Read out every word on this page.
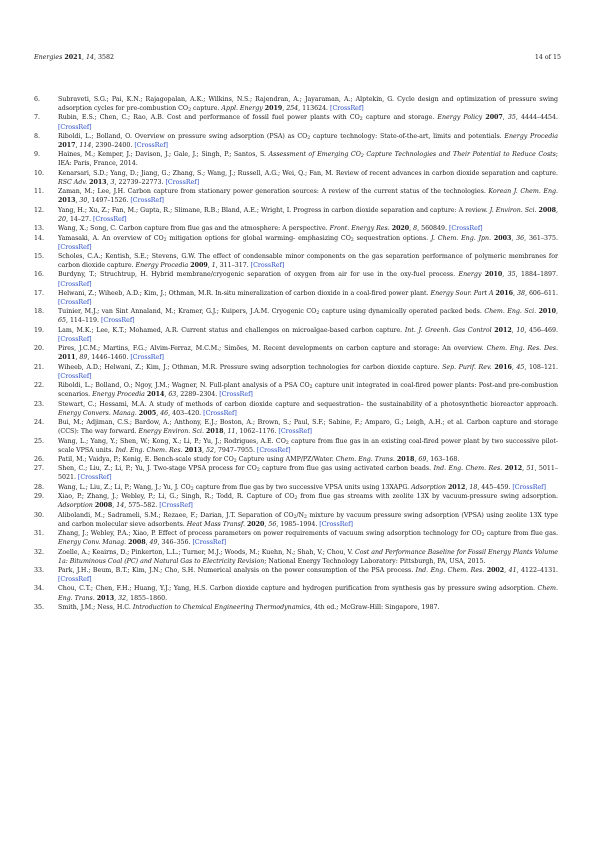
Energies 2021, 14, 3582	14 of 15
6.	Subraveti, S.G.; Pai, K.N.; Rajagopalan, A.K.; Wilkins, N.S.; Rajendran, A.; Jayaraman, A.; Alptekin, G. Cycle design and optimization of pressure swing adsorption cycles for pre-combustion $CO_2$ capture. Appl. Energy 2019, 254, 113624. [CrossRef]
7.	Rubin, E.S.; Chen, C.; Rao, A.B. Cost and performance of fossil fuel power plants with $CO_2$ capture and storage. Energy Policy 2007, 35, 4444–4454. [CrossRef]
8.	Riboldi, L.; Bolland, O. Overview on pressure swing adsorption (PSA) as $CO_2$ capture technology: State-of-the-art, limits and potentials. Energy Procedia 2017, 114, 2390–2400. [CrossRef]
9.	Haines, M.; Kemper, J.; Davison, J.; Gale, J.; Singh, P.; Santos, S. Assessment of Emerging $CO_2$ Capture Technologies and Their Potential to Reduce Costs; IEA: Paris, France, 2014.
10. Kenarsari, S.D.; Yang, D.; Jiang, G.; Zhang, S.; Wang, J.; Russell, A.G.; Wei, Q.; Fan, M. Review of recent advances in carbon dioxide separation and capture. RSC Adv. 2013, 3, 22739–22773. [CrossRef]
11. Zaman, M.; Lee, J.H. Carbon capture from stationary power generation sources: A review of the current status of the technologies. Korean J. Chem. Eng. 2013, 30, 1497–1526. [CrossRef]
12. Yang, H.; Xu, Z.; Fan, M.; Gupta, R.; Slimane, R.B.; Bland, A.E.; Wright, I. Progress in carbon dioxide separation and capture: A review. J. Environ. Sci. 2008, 20, 14–27. [CrossRef]
13. Wang, X.; Song, C. Carbon capture from flue gas and the atmosphere: A perspective. Front. Energy Res. 2020, 8, 560849. [CrossRef]
14. Yamasaki, A. An overview of $CO_2$ mitigation options for global warming- emphasizing $CO_2$ sequestration options. J. Chem. Eng. Jpn. 2003, 36, 361–375. [CrossRef]
15. Scholes, C.A.; Kentish, S.E.; Stevens, G.W. The effect of condensable minor components on the gas separation performance of polymeric membranes for carbon dioxide capture. Energy Procedia 2009, 1, 311–317. [CrossRef]
16. Burdyny, T.; Struchtrup, H. Hybrid membrane/cryogenic separation of oxygen from air for use in the oxy-fuel process. Energy 2010, 35, 1884–1897. [CrossRef]
17. Helwani, Z.; Wiheeb, A.D.; Kim, J.; Othman, M.R. In-situ mineralization of carbon dioxide in a coal-fired power plant. Energy Sour. Part A 2016, 38, 606–611. [CrossRef]
18. Tuinier, M.J.; van Sint Annaland, M.; Kramer, G.J.; Kuipers, J.A.M. Cryogenic $CO_2$ capture using dynamically operated packed beds. Chem. Eng. Sci. 2010, 65, 114–119. [CrossRef]
19. Lam, M.K.; Lee, K.T.; Mohamed, A.R. Current status and challenges on microalgae-based carbon capture. Int. J. Greenh. Gas Control 2012, 10, 456–469. [CrossRef]
20. Pires, J.C.M.; Martins, F.G.; Alvim-Ferraz, M.C.M.; Simões, M. Recent developments on carbon capture and storage: An overview. Chem. Eng. Res. Des. 2011, 89, 1446–1460. [CrossRef]
21. Wiheeb, A.D.; Helwani, Z.; Kim, J.; Othman, M.R. Pressure swing adsorption technologies for carbon dioxide capture. Sep. Purif. Rev. 2016, 45, 108–121. [CrossRef]
22. Riboldi, L.; Bolland, O.; Ngoy, J.M.; Wagner, N. Full-plant analysis of a PSA $CO_2$ capture unit integrated in coal-fired power plants: Post-and pre-combustion scenarios. Energy Procedia 2014, 63, 2289–2304. [CrossRef]
23. Stewart, C.; Hessami, M.A. A study of methods of carbon dioxide capture and sequestration– the sustainability of a photosynthetic bioreactor approach. Energy Convers. Manag. 2005, 46, 403–420. [CrossRef]
24. Bui, M.; Adjiman, C.S.; Bardow, A.; Anthony, E.J.; Boston, A.; Brown, S.; Paul, S.F.; Sabine, F.; Amparo, G.; Leigh, A.H.; et al. Carbon capture and storage (CCS): The way forward. Energy Environ. Sci. 2018, 11, 1062–1176. [CrossRef]
25. Wang, L.; Yang, Y.; Shen, W.; Kong, X.; Li, P.; Yu, J.; Rodrigues, A.E. $CO_2$ capture from flue gas in an existing coal-fired power plant by two successive pilot-scale VPSA units. Ind. Eng. Chem. Res. 2013, 52, 7947–7955. [CrossRef]
26. Patil, M.; Vaidya, P.; Kenig, E. Bench-scale study for $CO_2$ Capture using AMP/PZ/Water. Chem. Eng. Trans. 2018, 69, 163–168.
27. Shen, C.; Liu, Z.; Li, P.; Yu, J. Two-stage VPSA process for $CO_2$ capture from flue gas using activated carbon beads. Ind. Eng. Chem. Res. 2012, 51, 5011–5021. [CrossRef]
28. Wang, L.; Liu, Z.; Li, P.; Wang, J.; Yu, J. $CO_2$ capture from flue gas by two successive VPSA units using 13XAPG. Adsorption 2012, 18, 445–459. [CrossRef]
29. Xiao, P.; Zhang, J.; Webley, P.; Li, G.; Singh, R.; Todd, R. Capture of $CO_2$ from flue gas streams with zeolite 13X by vacuum-pressure swing adsorption. Adsorption 2008, 14, 575–582. [CrossRef]
30. Alibolandi, M.; Sadrameli, S.M.; Rezaee, F.; Darian, J.T. Separation of $CO_2/N_2$ mixture by vacuum pressure swing adsorption (VPSA) using zeolite 13X type and carbon molecular sieve adsorbents. Heat Mass Transf. 2020, 56, 1985–1994. [CrossRef]
31. Zhang, J.; Webley, P.A.; Xiao, P. Effect of process parameters on power requirements of vacuum swing adsorption technology for $CO_2$ capture from flue gas. Energy Conv. Manag. 2008, 49, 346–356. [CrossRef]
32. Zoelle, A.; Keairns, D.; Pinkerton, L.L.; Turner, M.J.; Woods, M.; Kuehn, N.; Shah, V.; Chou, V. Cost and Performance Baseline for Fossil Energy Plants Volume 1a: Bituminous Coal (PC) and Natural Gas to Electricity Revision; National Energy Technology Laboratory: Pittsburgh, PA, USA, 2015.
33. Park, J.H.; Beum, B.T.; Kim, J.N.; Cho, S.H. Numerical analysis on the power consumption of the PSA process. Ind. Eng. Chem. Res. 2002, 41, 4122–4131. [CrossRef]
34. Chou, C.T.; Chen, F.H.; Huang, Y.J.; Yang, H.S. Carbon dioxide capture and hydrogen purification from synthesis gas by pressure swing adsorption. Chem. Eng. Trans. 2013, 32, 1855–1860.
35. Smith, J.M.; Ness, H.C. Introduction to Chemical Engineering Thermodynamics, 4th ed.; McGraw-Hill: Singapore, 1987.
